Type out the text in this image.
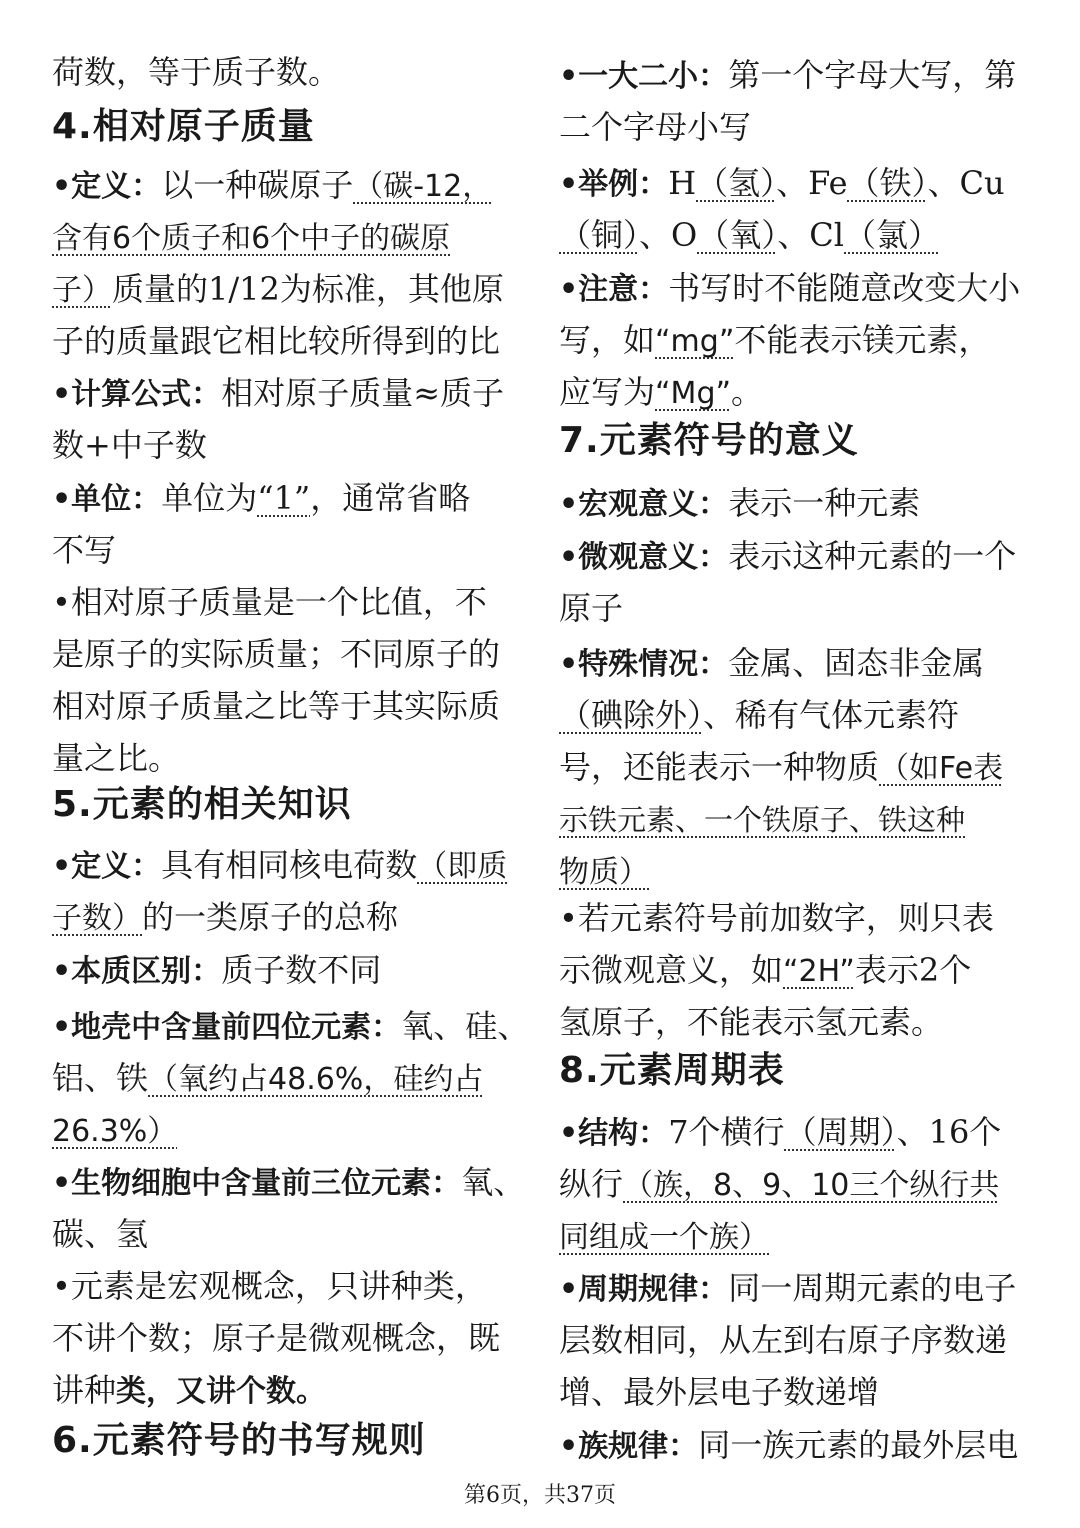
荷数，等于质子数。
4.相对原子质量
•定义：以一种碳原子（碳-12，
含有6个质子和6个中子的碳原
子）质量的1/12为标准，其他原
子的质量跟它相比较所得到的比
•计算公式：相对原子质量≈质子
数+中子数
•单位：单位为“1”，通常省略
不写
•相对原子质量是一个比值，不
是原子的实际质量；不同原子的
相对原子质量之比等于其实际质
量之比。
5.元素的相关知识
•定义：具有相同核电荷数（即质
子数）的一类原子的总称
•本质区别：质子数不同
•地壳中含量前四位元素：氧、硅、
铝、铁（氧约占48.6%，硅约占
26.3%）
•生物细胞中含量前三位元素：氧、
碳、氢
•元素是宏观概念，只讲种类，
不讲个数；原子是微观概念，既
讲种类，又讲个数。
6.元素符号的书写规则
•一大二小：第一个字母大写，第
二个字母小写
•举例：H（氢）、Fe（铁）、Cu
（铜）、O（氧）、Cl（氯）
•注意：书写时不能随意改变大小
写，如“mg”不能表示镁元素，
应写为“Mg”。
7.元素符号的意义
•宏观意义：表示一种元素
•微观意义：表示这种元素的一个
原子
•特殊情况：金属、固态非金属
（碘除外）、稀有气体元素符
号，还能表示一种物质（如Fe表
示铁元素、一个铁原子、铁这种
物质）
•若元素符号前加数字，则只表
示微观意义，如“2H”表示2个
氢原子，不能表示氢元素。
8.元素周期表
•结构：7个横行（周期）、16个
纵行（族，8、9、10三个纵行共
同组成一个族）
•周期规律：同一周期元素的电子
层数相同，从左到右原子序数递
增、最外层电子数递增
•族规律：同一族元素的最外层电
第6页，共37页
